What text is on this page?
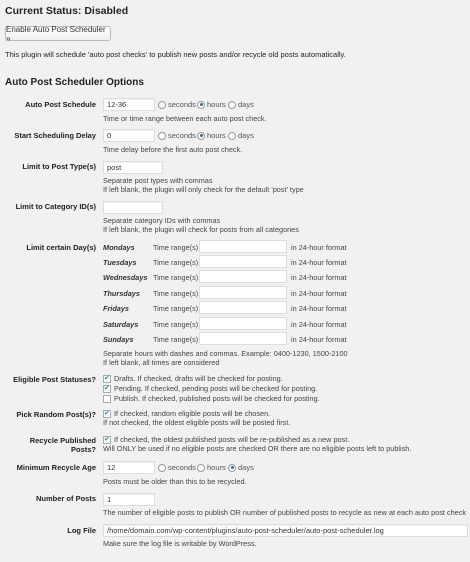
Current Status: Disabled
Enable Auto Post Scheduler »
This plugin will schedule 'auto post checks' to publish new posts and/or recycle old posts automatically.
Auto Post Scheduler Options
Auto Post Schedule
12-36	seconds hours days
Time or time range between each auto post check.
Start Scheduling Delay
0	seconds hours days
Time delay before the first auto post check.
Limit to Post Type(s)
post
Separate post types with commas
If left blank, the plugin will only check for the default 'post' type
Limit to Category ID(s)
Separate category IDs with commas
If left blank, the plugin will check for posts from all categories
Limit certain Day(s) Mondays	Time range(s)	in 24-hour format
Tuesdays Time range(s)	in 24-hour format
Wednesdays Time range(s)	in 24-hour format
Thursdays Time range(s)	in 24-hour format
Fridays	Time range(s)	in 24-hour format
Saturdays Time range(s)	in 24-hour format
Sundays	Time range(s)	in 24-hour format
Separate hours with dashes and commas. Example: 0400-1230, 1500-2100
If left blank, all times are considered
Eligible Post Statuses? ✔ Drafts. If checked, drafts will be checked for posting.
✔
Pending. If checked, pending posts will be checked for posting.
Publish. If checked, published posts will be checked for posting.
Pick Random Post(s)? ✔ If checked, random eligible posts will be chosen.
If not checked, the oldest eligible posts will be posted first.
Recycle Published Posts?
✔
If checked, the oldest published posts will be re-published as a new post.
Will ONLY be used if no eligible posts are checked OR there are no eligible posts left to publish.
Minimum Recycle Age
12	seconds hours days
Posts must be older than this to be recycled.
Number of Posts
1
The number of eligible posts to publish OR number of published posts to recycle as new at each auto post check
Log File
/home/domain.com/wp-content/plugins/auto-post-scheduler/auto-post-scheduler.log
Make sure the log file is writable by WordPress.
